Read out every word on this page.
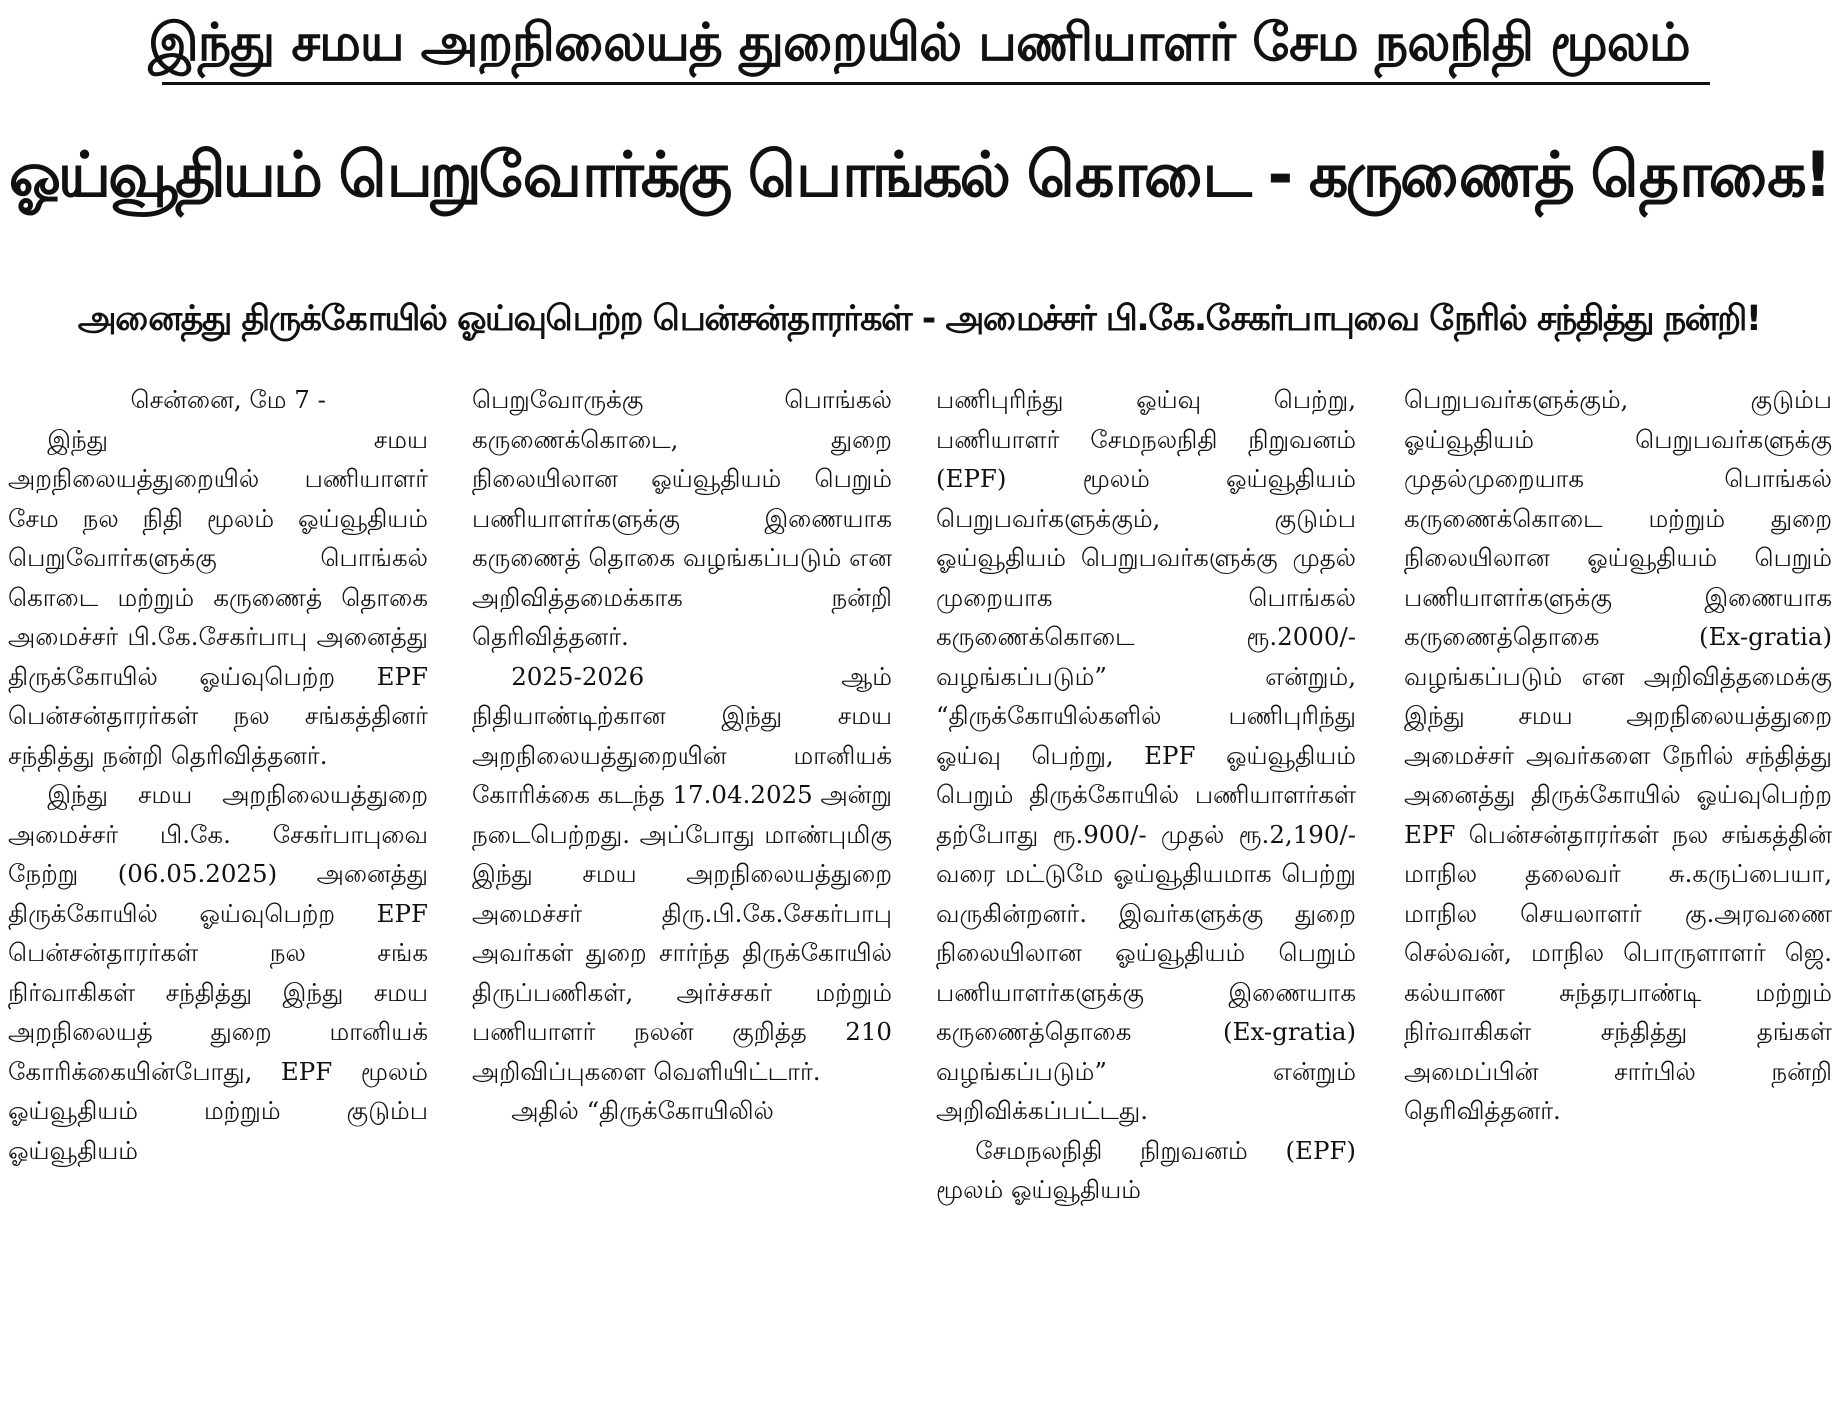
இந்து சமய அறநிலையத் துறையில் பணியாளர் சேம நலநிதி மூலம்
ஓய்வூதியம் பெறுவோர்க்கு பொங்கல் கொடை - கருணைத் தொகை!
அனைத்து திருக்கோயில் ஓய்வுபெற்ற பென்சன்தாரர்கள் - அமைச்சர் பி.கே.சேகர்பாபுவை நேரில் சந்தித்து நன்றி!

சென்னை, மே 7 -

இந்து சமய அறநிலையத்துறையில் பணியாளர் சேம நல நிதி மூலம் ஓய்வூதியம் பெறுவோர்களுக்கு பொங்கல் கொடை மற்றும் கருணைத் தொகை அமைச்சர் பி.கே.சேகர்பாபு அனைத்து திருக்கோயில் ஓய்வுபெற்ற EPF பென்சன்தாரர்கள் நல சங்கத்தினர் சந்தித்து நன்றி தெரிவித்தனர்.

இந்து சமய அறநிலையத்துறை அமைச்சர் பி.கே. சேகர்பாபுவை நேற்று (06.05.2025) அனைத்து திருக்கோயில் ஓய்வுபெற்ற EPF பென்சன்தாரர்கள் நல சங்க நிர்வாகிகள் சந்தித்து இந்து சமய அறநிலையத் துறை மானியக் கோரிக்கையின்போது, EPF மூலம் ஓய்வூதியம் மற்றும் குடும்ப ஓய்வூதியம்

பெறுவோருக்கு பொங்கல் கருணைக்கொடை, துறை நிலையிலான ஓய்வூதியம் பெறும் பணியாளர்களுக்கு இணையாக கருணைத் தொகை வழங்கப்படும் என அறிவித்தமைக்காக நன்றி தெரிவித்தனர்.

2025-2026 ஆம் நிதியாண்டிற்கான இந்து சமய அறநிலையத்துறையின் மானியக் கோரிக்கை கடந்த 17.04.2025 அன்று நடைபெற்றது. அப்போது மாண்புமிகு இந்து சமய அறநிலையத்துறை அமைச்சர் திரு.பி.கே.சேகர்பாபு அவர்கள் துறை சார்ந்த திருக்கோயில் திருப்பணிகள், அர்ச்சகர் மற்றும் பணியாளர் நலன் குறித்த 210 அறிவிப்புகளை வெளியிட்டார்.

அதில் “திருக்கோயிலில்

பணிபுரிந்து ஓய்வு பெற்று, பணியாளர் சேமநலநிதி நிறுவனம் (EPF) மூலம் ஓய்வூதியம் பெறுபவர்களுக்கும், குடும்ப ஓய்வூதியம் பெறுபவர்களுக்கு முதல் முறையாக பொங்கல் கருணைக்கொடை ரூ.2000/- வழங்கப்படும்” என்றும், “திருக்கோயில்களில் பணிபுரிந்து ஓய்வு பெற்று, EPF ஓய்வூதியம் பெறும் திருக்கோயில் பணியாளர்கள் தற்போது ரூ.900/- முதல் ரூ.2,190/- வரை மட்டுமே ஓய்வூதியமாக பெற்று வருகின்றனர். இவர்களுக்கு துறை நிலையிலான ஓய்வூதியம் பெறும் பணியாளர்களுக்கு இணையாக கருணைத்தொகை (Ex-gratia) வழங்கப்படும்” என்றும் அறிவிக்கப்பட்டது.

சேமநலநிதி நிறுவனம் (EPF) மூலம் ஓய்வூதியம்

பெறுபவர்களுக்கும், குடும்ப ஓய்வூதியம் பெறுபவர்களுக்கு முதல்முறையாக பொங்கல் கருணைக்கொடை மற்றும் துறை நிலையிலான ஓய்வூதியம் பெறும் பணியாளர்களுக்கு இணையாக கருணைத்தொகை (Ex-gratia) வழங்கப்படும் என அறிவித்தமைக்கு இந்து சமய அறநிலையத்துறை அமைச்சர் அவர்களை நேரில் சந்தித்து அனைத்து திருக்கோயில் ஓய்வுபெற்ற EPF பென்சன்தாரர்கள் நல சங்கத்தின் மாநில தலைவர் சு.கருப்பையா, மாநில செயலாளர் கு.அரவணை செல்வன், மாநில பொருளாளர் ஜெ. கல்யாண சுந்தரபாண்டி மற்றும் நிர்வாகிகள் சந்தித்து தங்கள் அமைப்பின் சார்பில் நன்றி தெரிவித்தனர்.
